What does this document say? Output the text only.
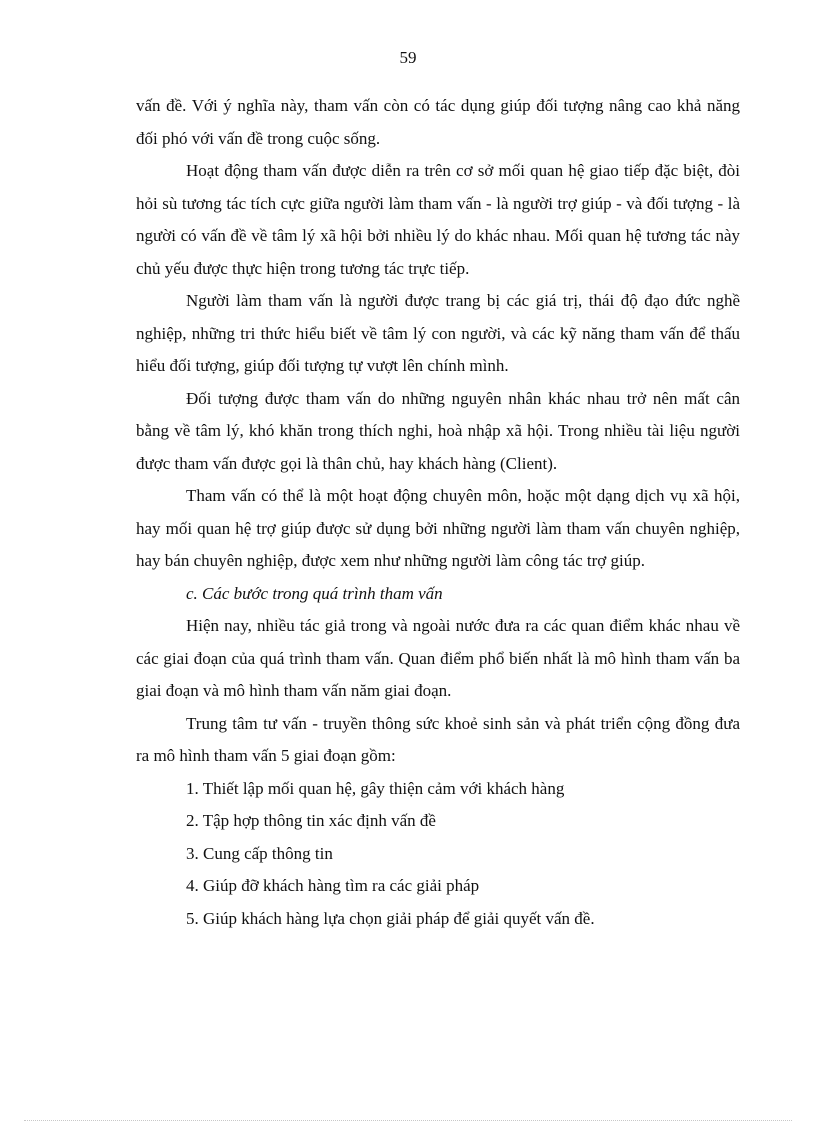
59

vấn đề. Với ý nghĩa này, tham vấn còn có tác dụng giúp đối tượng nâng cao khả năng đối phó với vấn đề trong cuộc sống.

Hoạt động tham vấn được diễn ra trên cơ sở mối quan hệ giao tiếp đặc biệt, đòi hỏi sù tương tác tích cực giữa người làm tham vấn - là người trợ giúp - và đối tượng - là người có vấn đề về tâm lý xã hội bởi nhiều lý do khác nhau. Mối quan hệ tương tác này chủ yếu được thực hiện trong tương tác trực tiếp.

Người làm tham vấn là người được trang bị các giá trị, thái độ đạo đức nghề nghiệp, những tri thức hiểu biết về tâm lý con người, và các kỹ năng tham vấn để thấu hiểu đối tượng, giúp đối tượng tự vượt lên chính mình.

Đối tượng được tham vấn do những nguyên nhân khác nhau trở nên mất cân bằng về tâm lý, khó khăn trong thích nghi, hoà nhập xã hội. Trong nhiều tài liệu người được tham vấn được gọi là thân chủ, hay khách hàng (Client).

Tham vấn có thể là một hoạt động chuyên môn, hoặc một dạng dịch vụ xã hội, hay mối quan hệ trợ giúp được sử dụng bởi những người làm tham vấn chuyên nghiệp, hay bán chuyên nghiệp, được xem như những người làm công tác trợ giúp.

c. Các bước trong quá trình tham vấn

Hiện nay, nhiều tác giả trong và ngoài nước đưa ra các quan điểm khác nhau về các giai đoạn của quá trình tham vấn. Quan điểm phổ biến nhất là mô hình tham vấn ba giai đoạn và mô hình tham vấn năm giai đoạn.

Trung tâm tư vấn - truyền thông sức khoẻ sinh sản và phát triển cộng đồng đưa ra mô hình tham vấn 5 giai đoạn gồm:

1. Thiết lập mối quan hệ, gây thiện cảm với khách hàng

2. Tập hợp thông tin xác định vấn đề

3. Cung cấp thông tin

4. Giúp đỡ khách hàng tìm ra các giải pháp

5. Giúp khách hàng lựa chọn giải pháp để giải quyết vấn đề.
